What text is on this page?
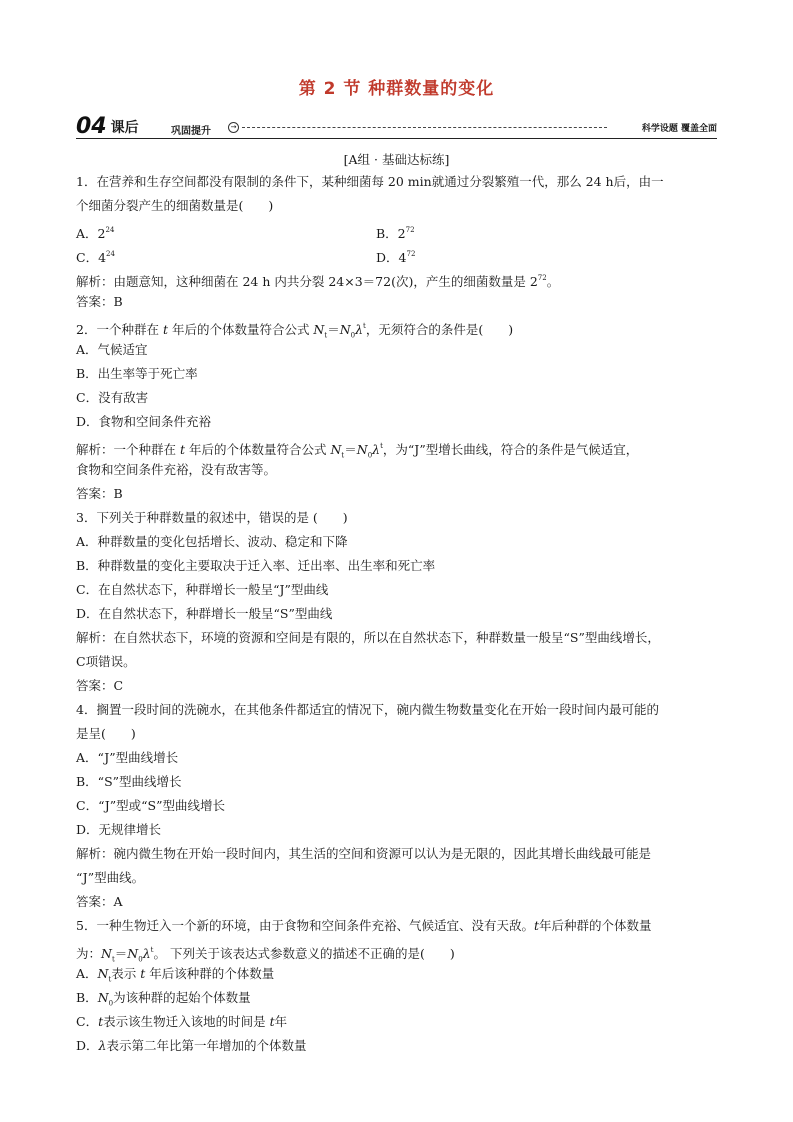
第 2 节 种群数量的变化
04 课后	巩固提升	→	科学设题 覆盖全面
[A组 · 基础达标练]
1．在营养和生存空间都没有限制的条件下，某种细菌每 20 min就通过分裂繁殖一代，那么 24 h后，由一
个细菌分裂产生的细菌数量是(　　)
A．$2^{24}$	B．$2^{72}$
C．$4^{24}$	D．$4^{72}$
解析：由题意知，这种细菌在 24 h 内共分裂 24×3＝72(次)，产生的细菌数量是 $2^{72}$。
答案：B
2．一个种群在 t 年后的个体数量符合公式 $N_t=N_0\lambda^t$，无须符合的条件是(　　)
A．气候适宜
B．出生率等于死亡率
C．没有敌害
D．食物和空间条件充裕
解析：一个种群在 t 年后的个体数量符合公式 $N_t=N_0\lambda^t$，为“J”型增长曲线，符合的条件是气候适宜，
食物和空间条件充裕，没有敌害等。
答案：B
3．下列关于种群数量的叙述中，错误的是 (　　)
A．种群数量的变化包括增长、波动、稳定和下降
B．种群数量的变化主要取决于迁入率、迁出率、出生率和死亡率
C．在自然状态下，种群增长一般呈“J”型曲线
D．在自然状态下，种群增长一般呈“S”型曲线
解析：在自然状态下，环境的资源和空间是有限的，所以在自然状态下，种群数量一般呈“S”型曲线增长，
C项错误。
答案：C
4．搁置一段时间的洗碗水，在其他条件都适宜的情况下，碗内微生物数量变化在开始一段时间内最可能的
是呈(　　)
A．“J”型曲线增长
B．“S”型曲线增长
C．“J”型或“S”型曲线增长
D．无规律增长
解析：碗内微生物在开始一段时间内，其生活的空间和资源可以认为是无限的，因此其增长曲线最可能是
“J”型曲线。
答案：A
5．一种生物迁入一个新的环境，由于食物和空间条件充裕、气候适宜、没有天敌。t年后种群的个体数量
为：$N_t=N_0\lambda^t$。 下列关于该表达式参数意义的描述不正确的是(　　)
A．$N_t$表示 t 年后该种群的个体数量
B．$N_0$为该种群的起始个体数量
C．t表示该生物迁入该地的时间是 t年
D．λ表示第二年比第一年增加的个体数量
